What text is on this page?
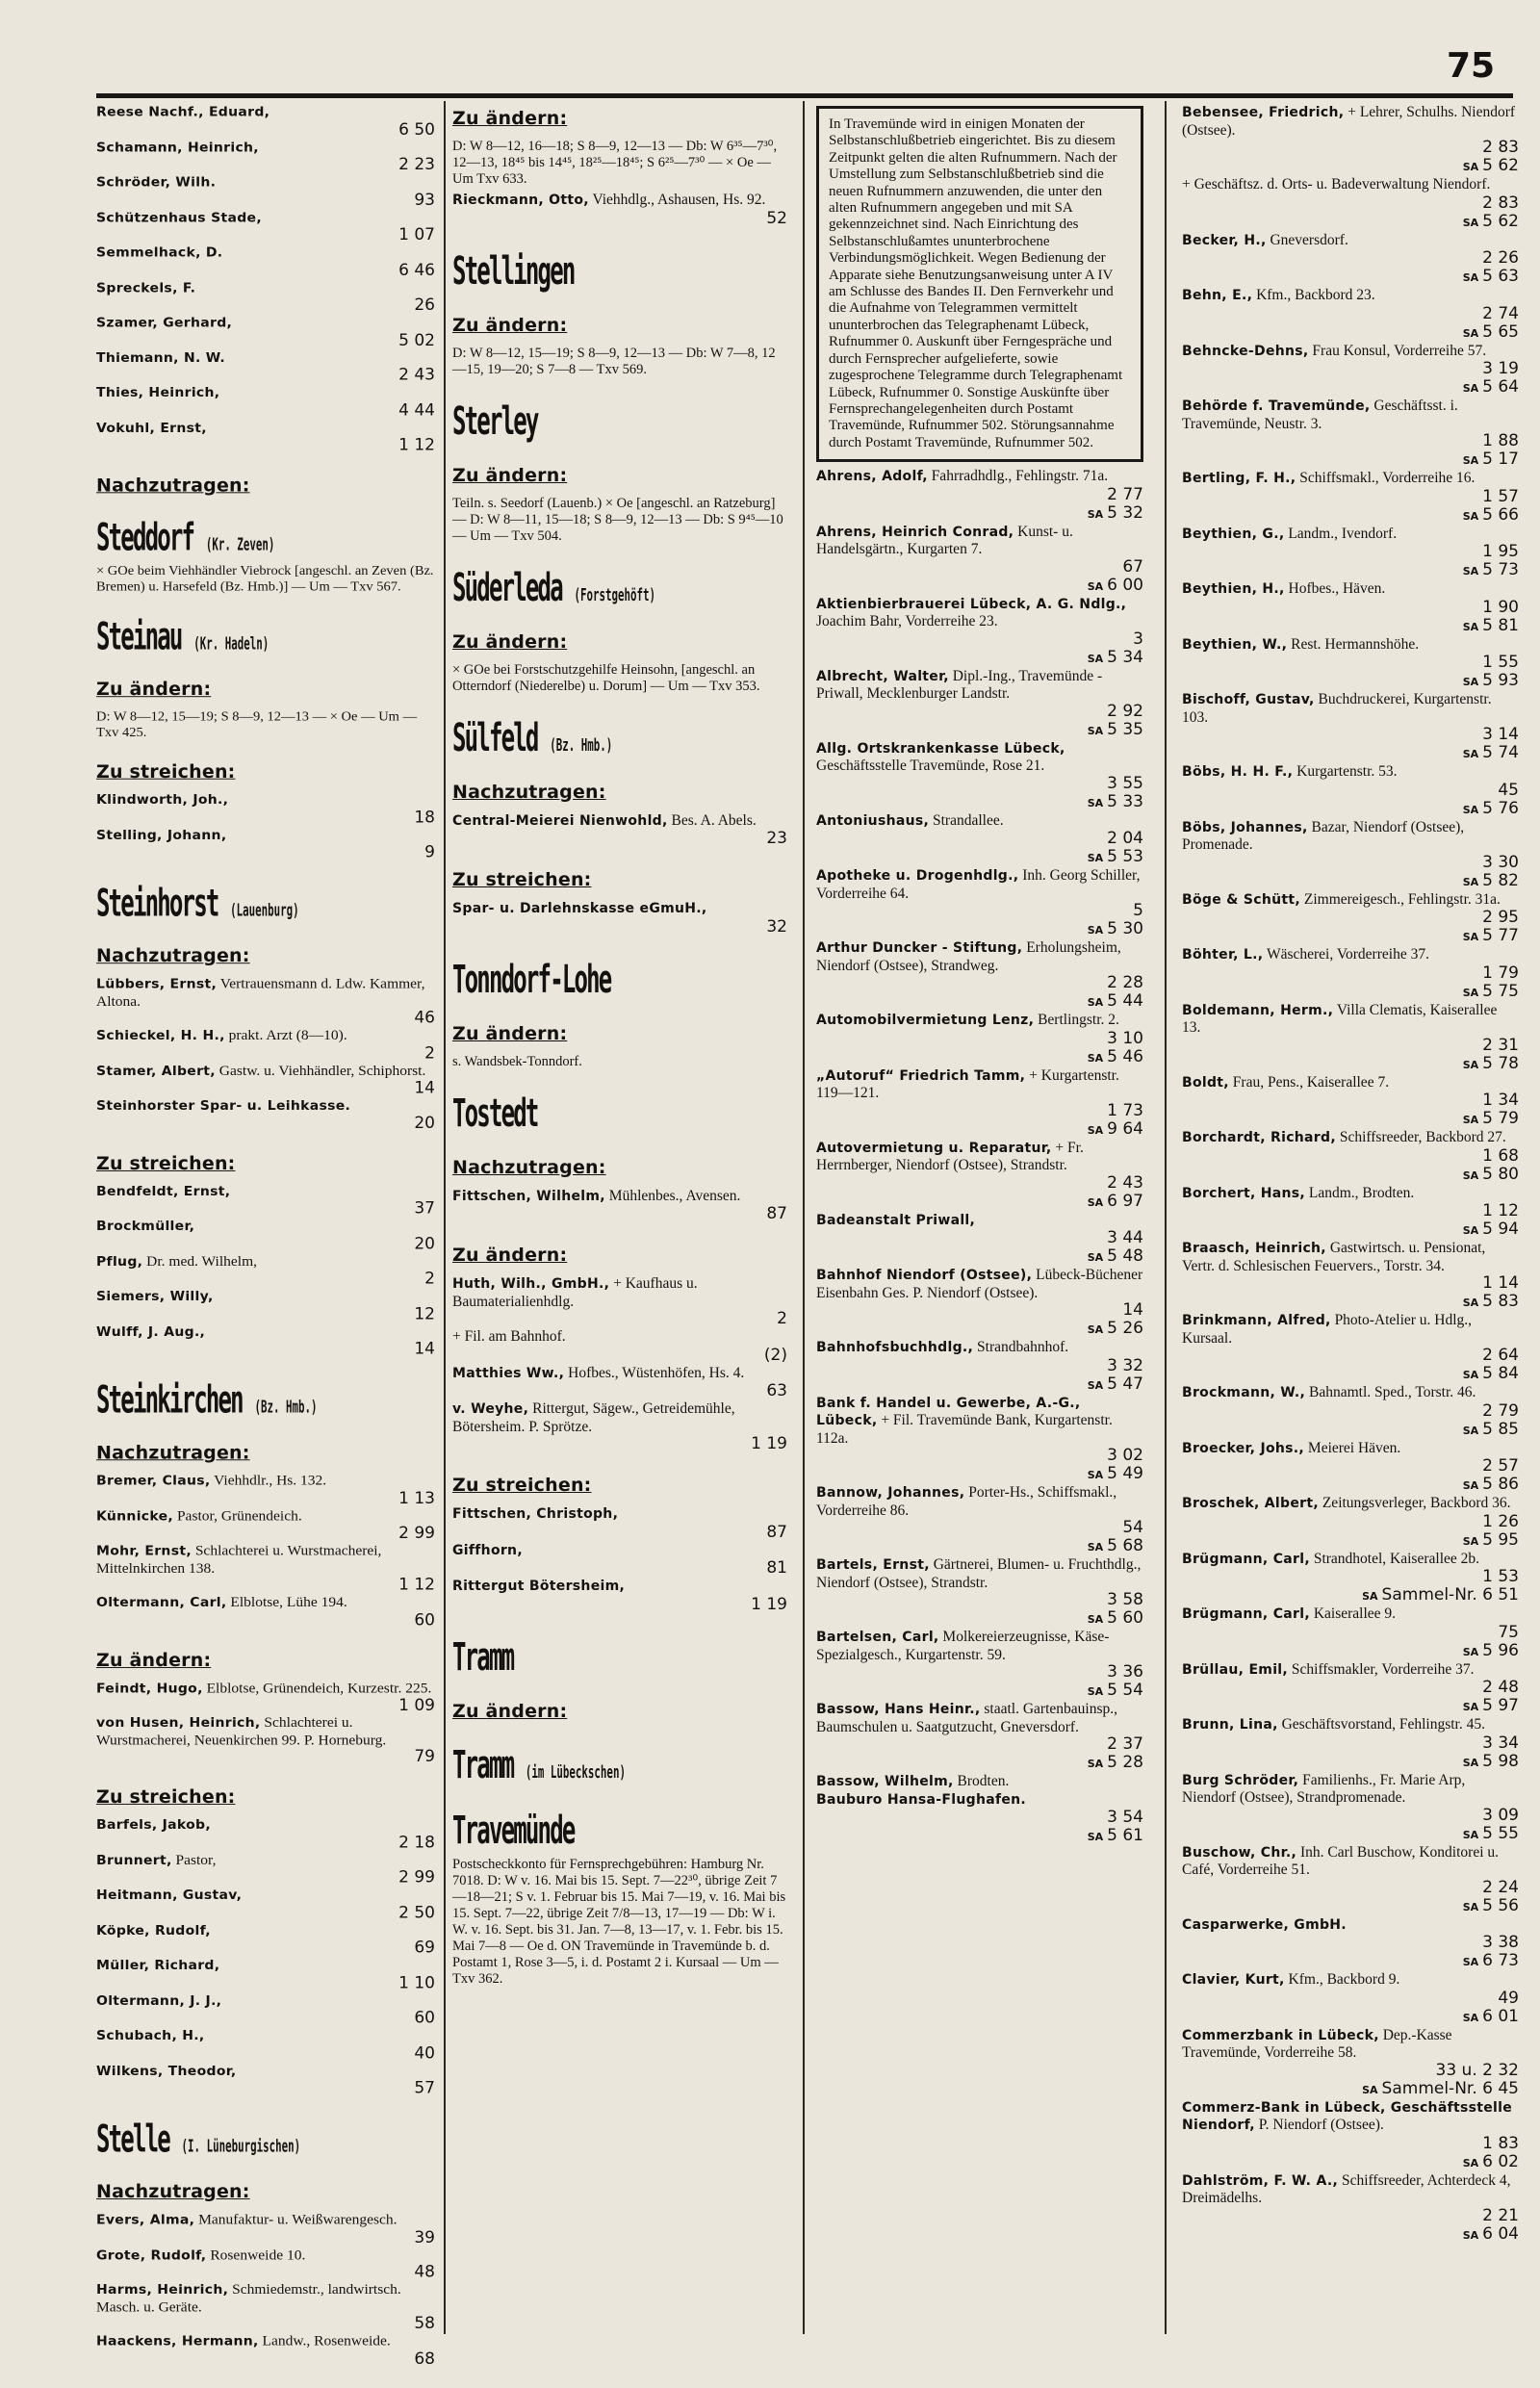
75
Reese Nachf., Eduard,
6 50
Schamann, Heinrich,
2 23
Schröder, Wilh.
93
Schützenhaus Stade,
1 07
Semmelhack, D.
6 46
Spreckels, F.
26
Szamer, Gerhard,
5 02
Thiemann, N. W.
2 43
Thies, Heinrich,
4 44
Vokuhl, Ernst,
1 12
Nachzutragen:
Steddorf (Kr. Zeven)
× GOe beim Viehhändler Viebrock [angeschl. an Zeven (Bz. Bremen) u. Harsefeld (Bz. Hmb.)] — Um — Txv 567.
Steinau (Kr. Hadeln)
Zu ändern:
D: W 8—12, 15—19; S 8—9, 12—13 — × Oe — Um — Txv 425.
Zu streichen:
Klindworth, Joh.,
18
Stelling, Johann,
9
Steinhorst (Lauenburg)
Nachzutragen:
Lübbers, Ernst, Vertrauensmann d. Ldw. Kammer, Altona.
46
Schieckel, H. H., prakt. Arzt (8—10).
2
Stamer, Albert, Gastw. u. Viehhändler, Schiphorst.
14
Steinhorster Spar- u. Leihkasse.
20
Zu streichen:
Bendfeldt, Ernst,
37
Brockmüller,
20
Pflug, Dr. med. Wilhelm,
2
Siemers, Willy,
12
Wulff, J. Aug.,
14
Steinkirchen (Bz. Hmb.)
Nachzutragen:
Bremer, Claus, Viehhdlr., Hs. 132.
1 13
Künnicke, Pastor, Grünendeich.
2 99
Mohr, Ernst, Schlachterei u. Wurstmacherei, Mittelnkirchen 138.
1 12
Oltermann, Carl, Elblotse, Lühe 194.
60
Zu ändern:
Feindt, Hugo, Elblotse, Grünendeich, Kurzestr. 225.
1 09
von Husen, Heinrich, Schlachterei u. Wurstmacherei, Neuenkirchen 99. P. Horneburg.
79
Zu streichen:
Barfels, Jakob,
2 18
Brunnert, Pastor,
2 99
Heitmann, Gustav,
2 50
Köpke, Rudolf,
69
Müller, Richard,
1 10
Oltermann, J. J.,
60
Schubach, H.,
40
Wilkens, Theodor,
57
Stelle (I. Lüneburgischen)
Nachzutragen:
Evers, Alma, Manufaktur- u. Weißwarengesch.
39
Grote, Rudolf, Rosenweide 10.
48
Harms, Heinrich, Schmiedemstr., landwirtsch. Masch. u. Geräte.
58
Haackens, Hermann, Landw., Rosenweide.
68
Zu ändern:
D: W 8—12, 16—18; S 8—9, 12—13 — Db: W 6³⁵—7³⁰, 12—13, 18⁴⁵ bis 14⁴⁵, 18²⁵—18⁴⁵; S 6²⁵—7³⁰ — × Oe — Um Txv 633.
Rieckmann, Otto, Viehhdlg., Ashausen, Hs. 92.
52
Stellingen
Zu ändern:
D: W 8—12, 15—19; S 8—9, 12—13 — Db: W 7—8, 12—15, 19—20; S 7—8 — Txv 569.
Sterley
Zu ändern:
Teiln. s. Seedorf (Lauenb.) × Oe [angeschl. an Ratzeburg] — D: W 8—11, 15—18; S 8—9, 12—13 — Db: S 9⁴⁵—10 — Um — Txv 504.
Süderleda (Forstgehöft)
Zu ändern:
× GOe bei Forstschutzgehilfe Heinsohn, [angeschl. an Otterndorf (Niederelbe) u. Dorum] — Um — Txv 353.
Sülfeld (Bz. Hmb.)
Nachzutragen:
Central-Meierei Nienwohld, Bes. A. Abels.
23
Zu streichen:
Spar- u. Darlehnskasse eGmuH.,
32
Tonndorf-Lohe
Zu ändern:
s. Wandsbek-Tonndorf.
Tostedt
Nachzutragen:
Fittschen, Wilhelm, Mühlenbes., Avensen.
87
Zu ändern:
Huth, Wilh., GmbH., + Kaufhaus u. Baumaterialienhdlg.
2
+ Fil. am Bahnhof.
(2)
Matthies Ww., Hofbes., Wüstenhöfen, Hs. 4.
63
v. Weyhe, Rittergut, Sägew., Getreidemühle, Bötersheim. P. Sprötze.
1 19
Zu streichen:
Fittschen, Christoph,
87
Giffhorn,
81
Rittergut Bötersheim,
1 19
Tramm
Zu ändern:
Tramm (im Lübeckschen)
Travemünde
Postscheckkonto für Fernsprechgebühren: Hamburg Nr. 7018. D: W v. 16. Mai bis 15. Sept. 7—22³⁰, übrige Zeit 7—18—21; S v. 1. Februar bis 15. Mai 7—19, v. 16. Mai bis 15. Sept. 7—22, übrige Zeit 7/8—13, 17—19 — Db: W i. W. v. 16. Sept. bis 31. Jan. 7—8, 13—17, v. 1. Febr. bis 15. Mai 7—8 — Oe d. ON Travemünde in Travemünde b. d. Postamt 1, Rose 3—5, i. d. Postamt 2 i. Kursaal — Um — Txv 362.
In Travemünde wird in einigen Monaten der Selbstanschlußbetrieb eingerichtet. Bis zu diesem Zeitpunkt gelten die alten Rufnummern. Nach der Umstellung zum Selbstanschlußbetrieb sind die neuen Rufnummern anzuwenden, die unter den alten Rufnummern angegeben und mit SA gekennzeichnet sind. Nach Einrichtung des Selbstanschlußamtes ununterbrochene Verbindungsmöglichkeit. Wegen Bedienung der Apparate siehe Benutzungsanweisung unter A IV am Schlusse des Bandes II. Den Fernverkehr und die Aufnahme von Telegrammen vermittelt ununterbrochen das Telegraphenamt Lübeck, Rufnummer 0. Auskunft über Ferngespräche und durch Fernsprecher aufgelieferte, sowie zugesprochene Telegramme durch Telegraphenamt Lübeck, Rufnummer 0. Sonstige Auskünfte über Fernsprechangelegenheiten durch Postamt Travemünde, Rufnummer 502. Störungsannahme durch Postamt Travemünde, Rufnummer 502.
Ahrens, Adolf, Fahrradhdlg., Fehlingstr. 71a.
2 77
SA 5 32
Ahrens, Heinrich Conrad, Kunst- u. Handelsgärtn., Kurgarten 7.
67
SA 6 00
Aktienbierbrauerei Lübeck, A. G. Ndlg., Joachim Bahr, Vorderreihe 23.
3
SA 5 34
Albrecht, Walter, Dipl.-Ing., Travemünde - Priwall, Mecklenburger Landstr.
2 92
SA 5 35
Allg. Ortskrankenkasse Lübeck, Geschäftsstelle Travemünde, Rose 21.
3 55
SA 5 33
Antoniushaus, Strandallee.
2 04
SA 5 53
Apotheke u. Drogenhdlg., Inh. Georg Schiller, Vorderreihe 64.
5
SA 5 30
Arthur Duncker - Stiftung, Erholungsheim, Niendorf (Ostsee), Strandweg.
2 28
SA 5 44
Automobilvermietung Lenz, Bertlingstr. 2.
3 10
SA 5 46
„Autoruf“ Friedrich Tamm, + Kurgartenstr. 119—121.
1 73
SA 9 64
Autovermietung u. Reparatur, + Fr. Herrnberger, Niendorf (Ostsee), Strandstr.
2 43
SA 6 97
Badeanstalt Priwall,
3 44
SA 5 48
Bahnhof Niendorf (Ostsee), Lübeck-Büchener Eisenbahn Ges. P. Niendorf (Ostsee).
14
SA 5 26
Bahnhofsbuchhdlg., Strandbahnhof.
3 32
SA 5 47
Bank f. Handel u. Gewerbe, A.-G., Lübeck, + Fil. Travemünde Bank, Kurgartenstr. 112a.
3 02
SA 5 49
Bannow, Johannes, Porter-Hs., Schiffsmakl., Vorderreihe 86.
54
SA 5 68
Bartels, Ernst, Gärtnerei, Blumen- u. Fruchthdlg., Niendorf (Ostsee), Strandstr.
3 58
SA 5 60
Bartelsen, Carl, Molkereierzeugnisse, Käse-Spezialgesch., Kurgartenstr. 59.
3 36
SA 5 54
Bassow, Hans Heinr., staatl. Gartenbauinsp., Baumschulen u. Saatgutzucht, Gneversdorf.
2 37
SA 5 28
Bassow, Wilhelm, Brodten.
Bauburo Hansa-Flughafen.
3 54
SA 5 61
Bebensee, Friedrich, + Lehrer, Schulhs. Niendorf (Ostsee).
2 83
SA 5 62
+ Geschäftsz. d. Orts- u. Badeverwaltung Niendorf.
2 83
SA 5 62
Becker, H., Gneversdorf.
2 26
SA 5 63
Behn, E., Kfm., Backbord 23.
2 74
SA 5 65
Behncke-Dehns, Frau Konsul, Vorderreihe 57.
3 19
SA 5 64
Behörde f. Travemünde, Geschäftsst. i. Travemünde, Neustr. 3.
1 88
SA 5 17
Bertling, F. H., Schiffsmakl., Vorderreihe 16.
1 57
SA 5 66
Beythien, G., Landm., Ivendorf.
1 95
SA 5 73
Beythien, H., Hofbes., Häven.
1 90
SA 5 81
Beythien, W., Rest. Hermannshöhe.
1 55
SA 5 93
Bischoff, Gustav, Buchdruckerei, Kurgartenstr. 103.
3 14
SA 5 74
Böbs, H. H. F., Kurgartenstr. 53.
45
SA 5 76
Böbs, Johannes, Bazar, Niendorf (Ostsee), Promenade.
3 30
SA 5 82
Böge & Schütt, Zimmereigesch., Fehlingstr. 31a.
2 95
SA 5 77
Böhter, L., Wäscherei, Vorderreihe 37.
1 79
SA 5 75
Boldemann, Herm., Villa Clematis, Kaiserallee 13.
2 31
SA 5 78
Boldt, Frau, Pens., Kaiserallee 7.
1 34
SA 5 79
Borchardt, Richard, Schiffsreeder, Backbord 27.
1 68
SA 5 80
Borchert, Hans, Landm., Brodten.
1 12
SA 5 94
Braasch, Heinrich, Gastwirtsch. u. Pensionat, Vertr. d. Schlesischen Feuervers., Torstr. 34.
1 14
SA 5 83
Brinkmann, Alfred, Photo-Atelier u. Hdlg., Kursaal.
2 64
SA 5 84
Brockmann, W., Bahnamtl. Sped., Torstr. 46.
2 79
SA 5 85
Broecker, Johs., Meierei Häven.
2 57
SA 5 86
Broschek, Albert, Zeitungsverleger, Backbord 36.
1 26
SA 5 95
Brügmann, Carl, Strandhotel, Kaiserallee 2b.
1 53
SA Sammel-Nr. 6 51
Brügmann, Carl, Kaiserallee 9.
75
SA 5 96
Brüllau, Emil, Schiffsmakler, Vorderreihe 37.
2 48
SA 5 97
Brunn, Lina, Geschäftsvorstand, Fehlingstr. 45.
3 34
SA 5 98
Burg Schröder, Familienhs., Fr. Marie Arp, Niendorf (Ostsee), Strandpromenade.
3 09
SA 5 55
Buschow, Chr., Inh. Carl Buschow, Konditorei u. Café, Vorderreihe 51.
2 24
SA 5 56
Casparwerke, GmbH.
3 38
SA 6 73
Clavier, Kurt, Kfm., Backbord 9.
49
SA 6 01
Commerzbank in Lübeck, Dep.-Kasse Travemünde, Vorderreihe 58.
33 u. 2 32
SA Sammel-Nr. 6 45
Commerz-Bank in Lübeck, Geschäftsstelle Niendorf, P. Niendorf (Ostsee).
1 83
SA 6 02
Dahlström, F. W. A., Schiffsreeder, Achterdeck 4, Dreimädelhs.
2 21
SA 6 04
